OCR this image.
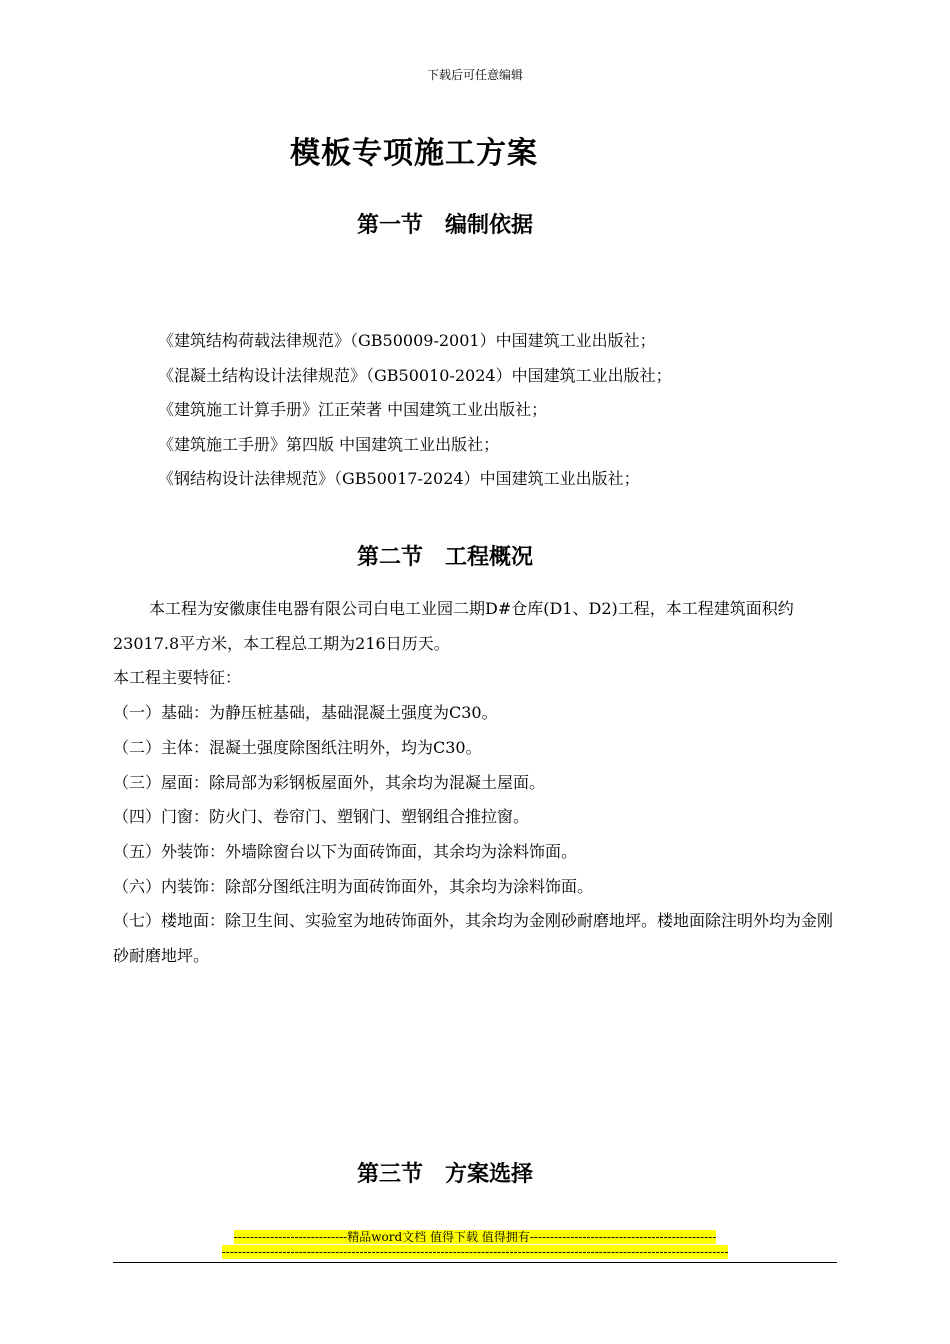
下载后可任意编辑
模板专项施工方案
第一节　编制依据
《建筑结构荷载法律规范》（GB50009-2001）中国建筑工业出版社；
《混凝土结构设计法律规范》（GB50010-2024）中国建筑工业出版社；
《建筑施工计算手册》江正荣著 中国建筑工业出版社；
《建筑施工手册》第四版 中国建筑工业出版社；
《钢结构设计法律规范》（GB50017-2024）中国建筑工业出版社；
第二节　工程概况

本工程为安徽康佳电器有限公司白电工业园二期D#仓库(D1、D2)工程，本工程建筑面积约23017.8平方米，本工程总工期为216日历天。

本工程主要特征：

（一）基础：为静压桩基础，基础混凝土强度为C30。

（二）主体：混凝土强度除图纸注明外，均为C30。

（三）屋面：除局部为彩钢板屋面外，其余均为混凝土屋面。

（四）门窗：防火门、卷帘门、塑钢门、塑钢组合推拉窗。

（五）外装饰：外墙除窗台以下为面砖饰面，其余均为涂料饰面。

（六）内装饰：除部分图纸注明为面砖饰面外，其余均为涂料饰面。

（七）楼地面：除卫生间、实验室为地砖饰面外，其余均为金刚砂耐磨地坪。楼地面除注明外均为金刚砂耐磨地坪。

第三节　方案选择
----------------------------精品word文档 值得下载 值得拥有----------------------------------------------
-----------------------------------------------------------------------------------------------------------------------------
